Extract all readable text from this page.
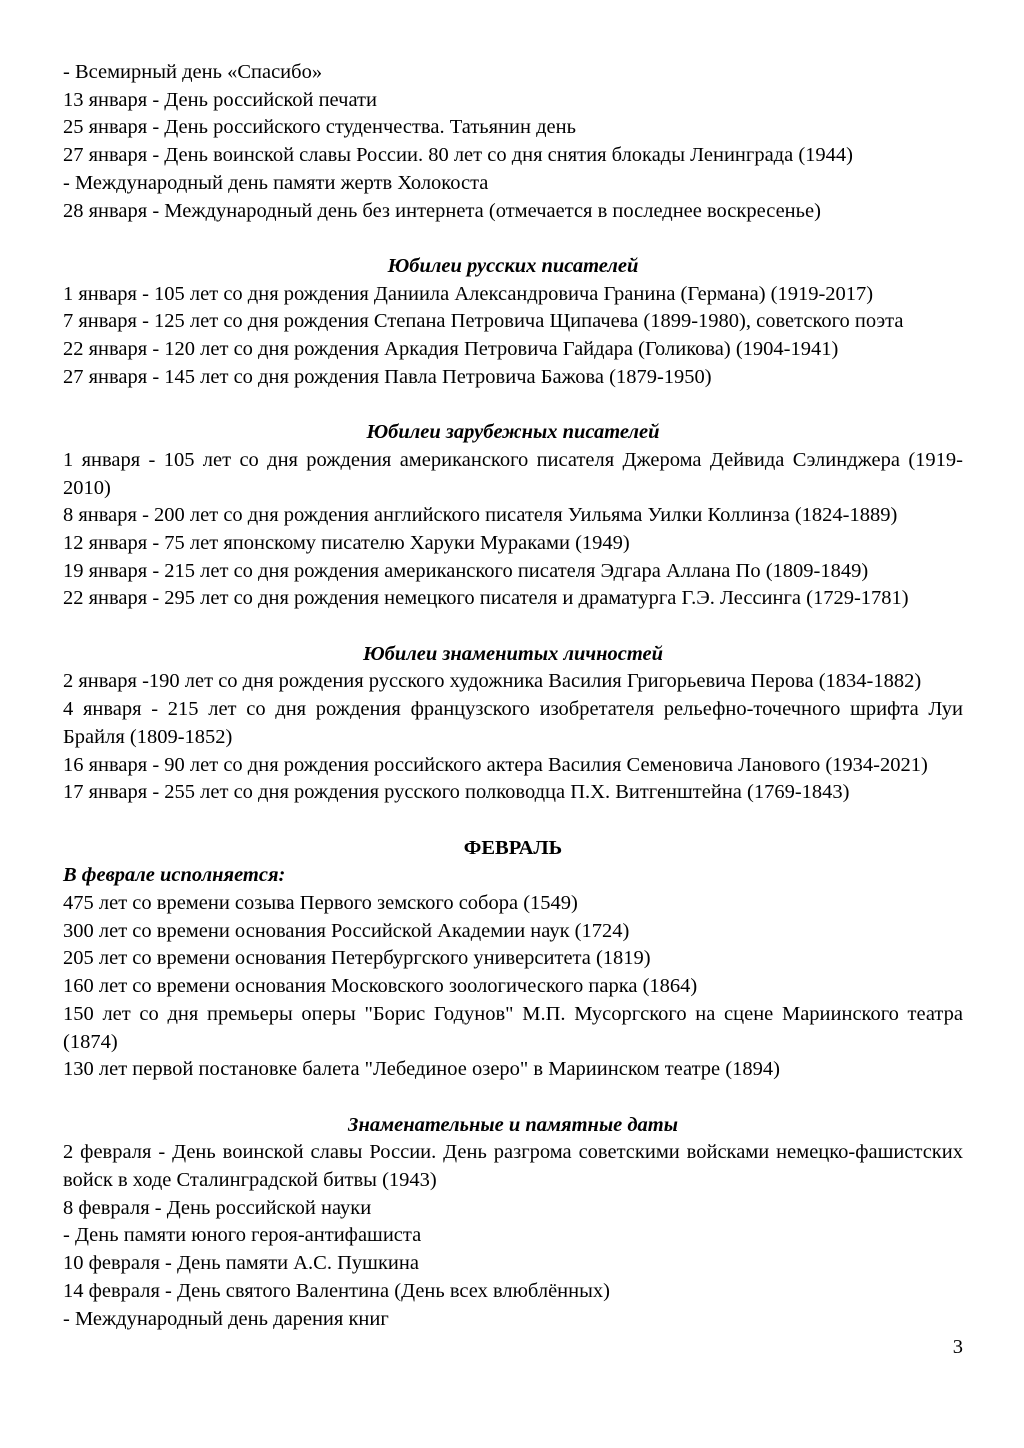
- Всемирный день «Спасибо»

13 января - День российской печати

25 января - День российского студенчества. Татьянин день

27 января - День воинской славы России. 80 лет со дня снятия блокады Ленинграда (1944)

- Международный день памяти жертв Холокоста

28 января - Международный день без интернета (отмечается в последнее воскресенье)

Юбилеи русских писателей

1 января - 105 лет со дня рождения Даниила Александровича Гранина (Германа) (1919-2017)

7 января - 125 лет со дня рождения Степана Петровича Щипачева (1899-1980), советского поэта

22 января - 120 лет со дня рождения Аркадия Петровича Гайдара (Голикова) (1904-1941)

27 января - 145 лет со дня рождения Павла Петровича Бажова (1879-1950)

Юбилеи зарубежных писателей

1 января - 105 лет со дня рождения американского писателя Джерома Дейвида Сэлинджера (1919-2010)

8 января - 200 лет со дня рождения английского писателя Уильяма Уилки Коллинза (1824-1889)

12 января - 75 лет японскому писателю Харуки Мураками (1949)

19 января - 215 лет со дня рождения американского писателя Эдгара Аллана По (1809-1849)

22 января - 295 лет со дня рождения немецкого писателя и драматурга Г.Э. Лессинга (1729-1781)

Юбилеи знаменитых личностей

2 января -190 лет со дня рождения русского художника Василия Григорьевича Перова (1834-1882)

4 января - 215 лет со дня рождения французского изобретателя рельефно-точечного шрифта Луи Брайля (1809-1852)

16 января - 90 лет со дня рождения российского актера Василия Семеновича Ланового (1934-2021)

17 января - 255 лет со дня рождения русского полководца П.Х. Витгенштейна (1769-1843)

ФЕВРАЛЬ

В феврале исполняется:

475 лет со времени созыва Первого земского собора (1549)

300 лет со времени основания Российской Академии наук (1724)

205 лет со времени основания Петербургского университета (1819)

160 лет со времени основания Московского зоологического парка (1864)

150 лет со дня премьеры оперы "Борис Годунов" М.П. Мусоргского на сцене Мариинского театра (1874)

130 лет первой постановке балета "Лебединое озеро" в Мариинском театре (1894)

Знаменательные и памятные даты

2 февраля - День воинской славы России. День разгрома советскими войсками немецко-фашистских войск в ходе Сталинградской битвы (1943)

8 февраля - День российской науки

- День памяти юного героя-антифашиста

10 февраля - День памяти А.С. Пушкина

14 февраля - День святого Валентина (День всех влюблённых)

- Международный день дарения книг

3
